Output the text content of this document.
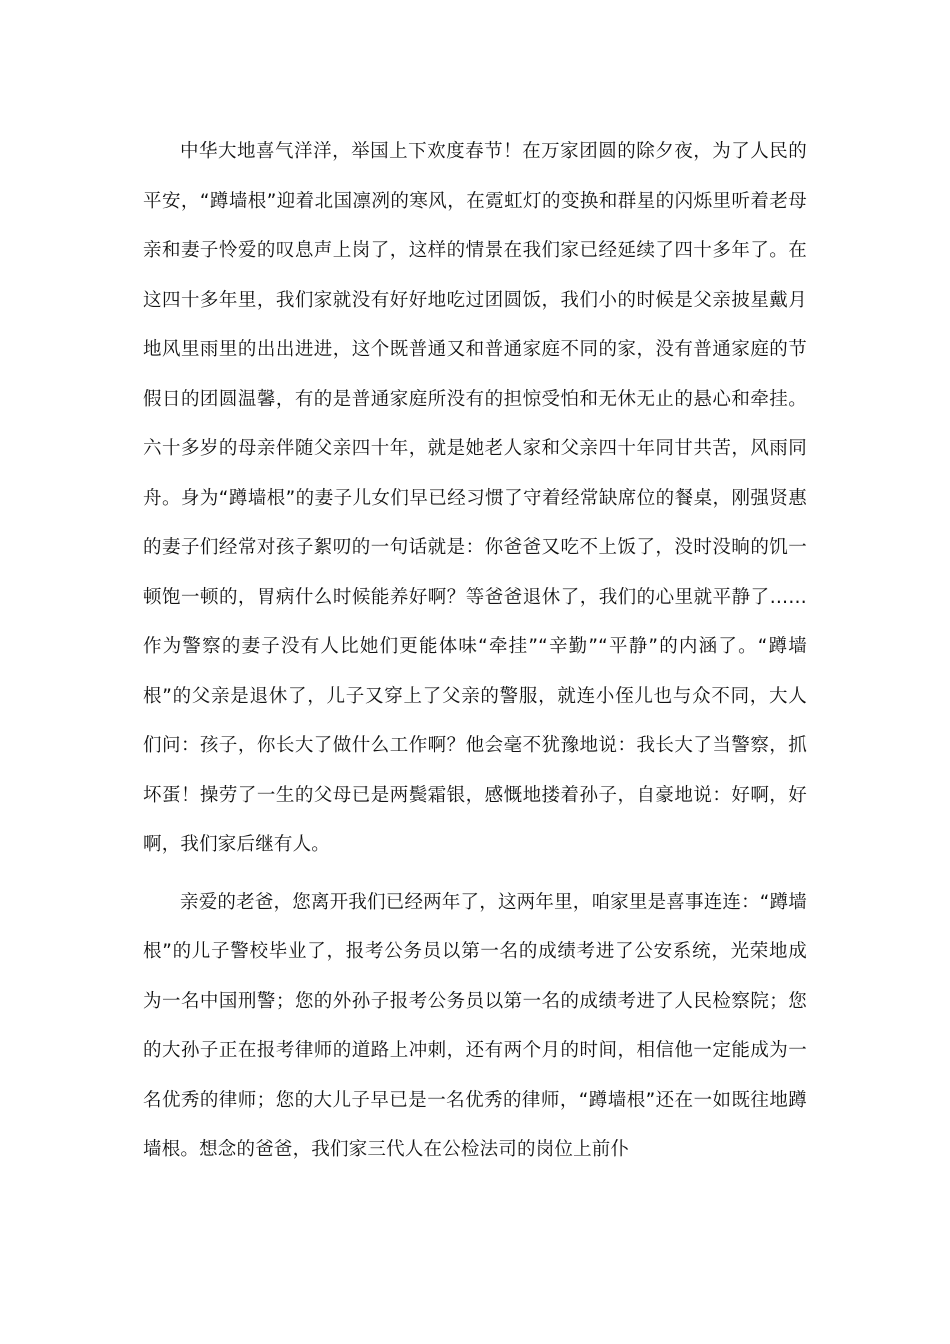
中华大地喜气洋洋，举国上下欢度春节！在万家团圆的除夕夜，为了人民的平安，“蹲墙根”迎着北国凛冽的寒风，在霓虹灯的变换和群星的闪烁里听着老母亲和妻子怜爱的叹息声上岗了，这样的情景在我们家已经延续了四十多年了。在这四十多年里，我们家就没有好好地吃过团圆饭，我们小的时候是父亲披星戴月地风里雨里的出出进进，这个既普通又和普通家庭不同的家，没有普通家庭的节假日的团圆温馨，有的是普通家庭所没有的担惊受怕和无休无止的悬心和牵挂。六十多岁的母亲伴随父亲四十年，就是她老人家和父亲四十年同甘共苦，风雨同舟。身为“蹲墙根”的妻子儿女们早已经习惯了守着经常缺席位的餐桌，刚强贤惠的妻子们经常对孩子絮叨的一句话就是：你爸爸又吃不上饭了，没时没晌的饥一顿饱一顿的，胃病什么时候能养好啊？等爸爸退休了，我们的心里就平静了……作为警察的妻子没有人比她们更能体味“牵挂”“辛勤”“平静”的内涵了。“蹲墙根”的父亲是退休了，儿子又穿上了父亲的警服，就连小侄儿也与众不同，大人们问：孩子，你长大了做什么工作啊？他会毫不犹豫地说：我长大了当警察，抓坏蛋！操劳了一生的父母已是两鬓霜银，感慨地搂着孙子，自豪地说：好啊，好啊，我们家后继有人。

亲爱的老爸，您离开我们已经两年了，这两年里，咱家里是喜事连连：“蹲墙根”的儿子警校毕业了，报考公务员以第一名的成绩考进了公安系统，光荣地成为一名中国刑警；您的外孙子报考公务员以第一名的成绩考进了人民检察院；您的大孙子正在报考律师的道路上冲刺，还有两个月的时间，相信他一定能成为一名优秀的律师；您的大儿子早已是一名优秀的律师，“蹲墙根”还在一如既往地蹲墙根。想念的爸爸，我们家三代人在公检法司的岗位上前仆
